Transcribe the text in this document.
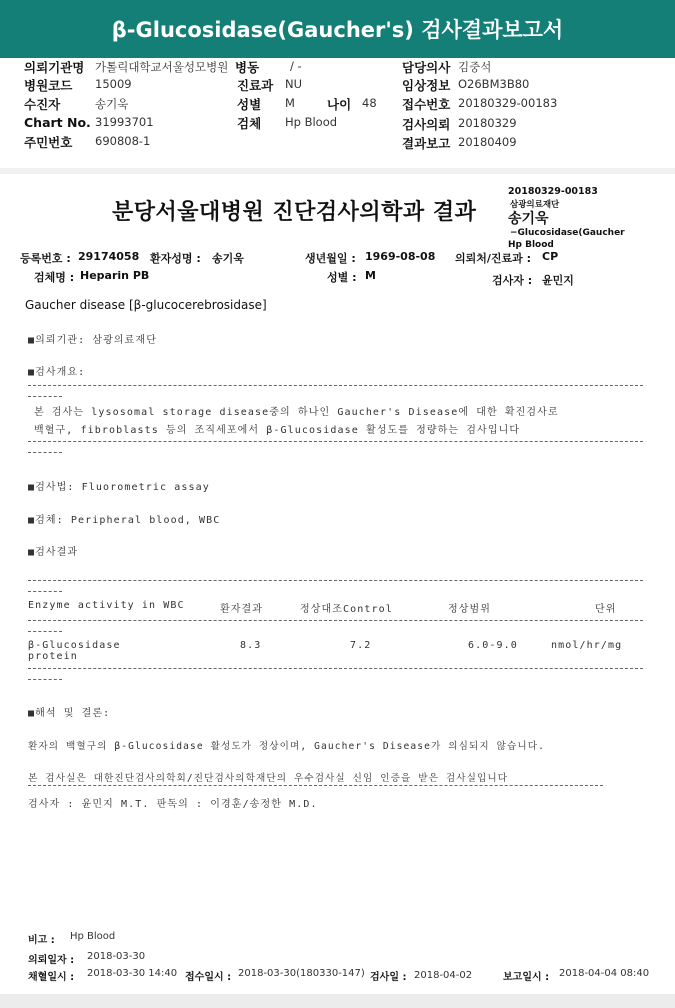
β-Glucosidase(Gaucher's) 검사결과보고서
의뢰기관명 가톨릭대학교서울성모병원 병동	/ -	담당의사 김중석
병원코드 15009	진료과 NU	임상정보 O26BM3B80
수진자	송기욱	성별 M	나이 48 접수번호 20180329-00183
Chart No. 31993701	검체 Hp Blood	검사의뢰 20180329
주민번호 690808-1	결과보고 20180409
분당서울대병원 진단검사의학과 결과
20180329-00183
삼광의료재단
송기욱
−Glucosidase(Gaucher
Hp Blood
등록번호 : 29174058 환자성명 : 송기욱	생년월일 : 1969-08-08 의뢰처/진료과 : CP
검체명 : Heparin PB	성별 : M	검사자 : 윤민지
Gaucher disease [β-glucocerebrosidase]
■의뢰기관: 삼광의료재단
■검사개요:
본 검사는 lysosomal storage disease중의 하나인 Gaucher's Disease에 대한 확진검사로
백혈구, fibroblasts 등의 조직세포에서 β-Glucosidase 활성도를 정량하는 검사입니다
■검사법: Fluorometric assay
■검체: Peripheral blood, WBC
■검사결과
Enzyme activity in WBC	환자결과	정상대조Control	정상범위	단위
β-Glucosidase
protein
8.3	7.2	6.0-9.0	nmol/hr/mg
■해석 및 결론:
환자의 백혈구의 β-Glucosidase 활성도가 정상이며, Gaucher's Disease가 의심되지 않습니다.
본 검사실은 대한진단검사의학회/진단검사의학재단의 우수검사실 신임 인증을 받은 검사실입니다
검사자 : 윤민지 M.T. 판독의 : 이경훈/송정한 M.D.
비고 : Hp Blood
의뢰일자 : 2018-03-30
채혈일시 : 2018-03-30 14:40 접수일시 : 2018-03-30(180330-147) 검사일 : 2018-04-02	보고일시 : 2018-04-04 08:40
